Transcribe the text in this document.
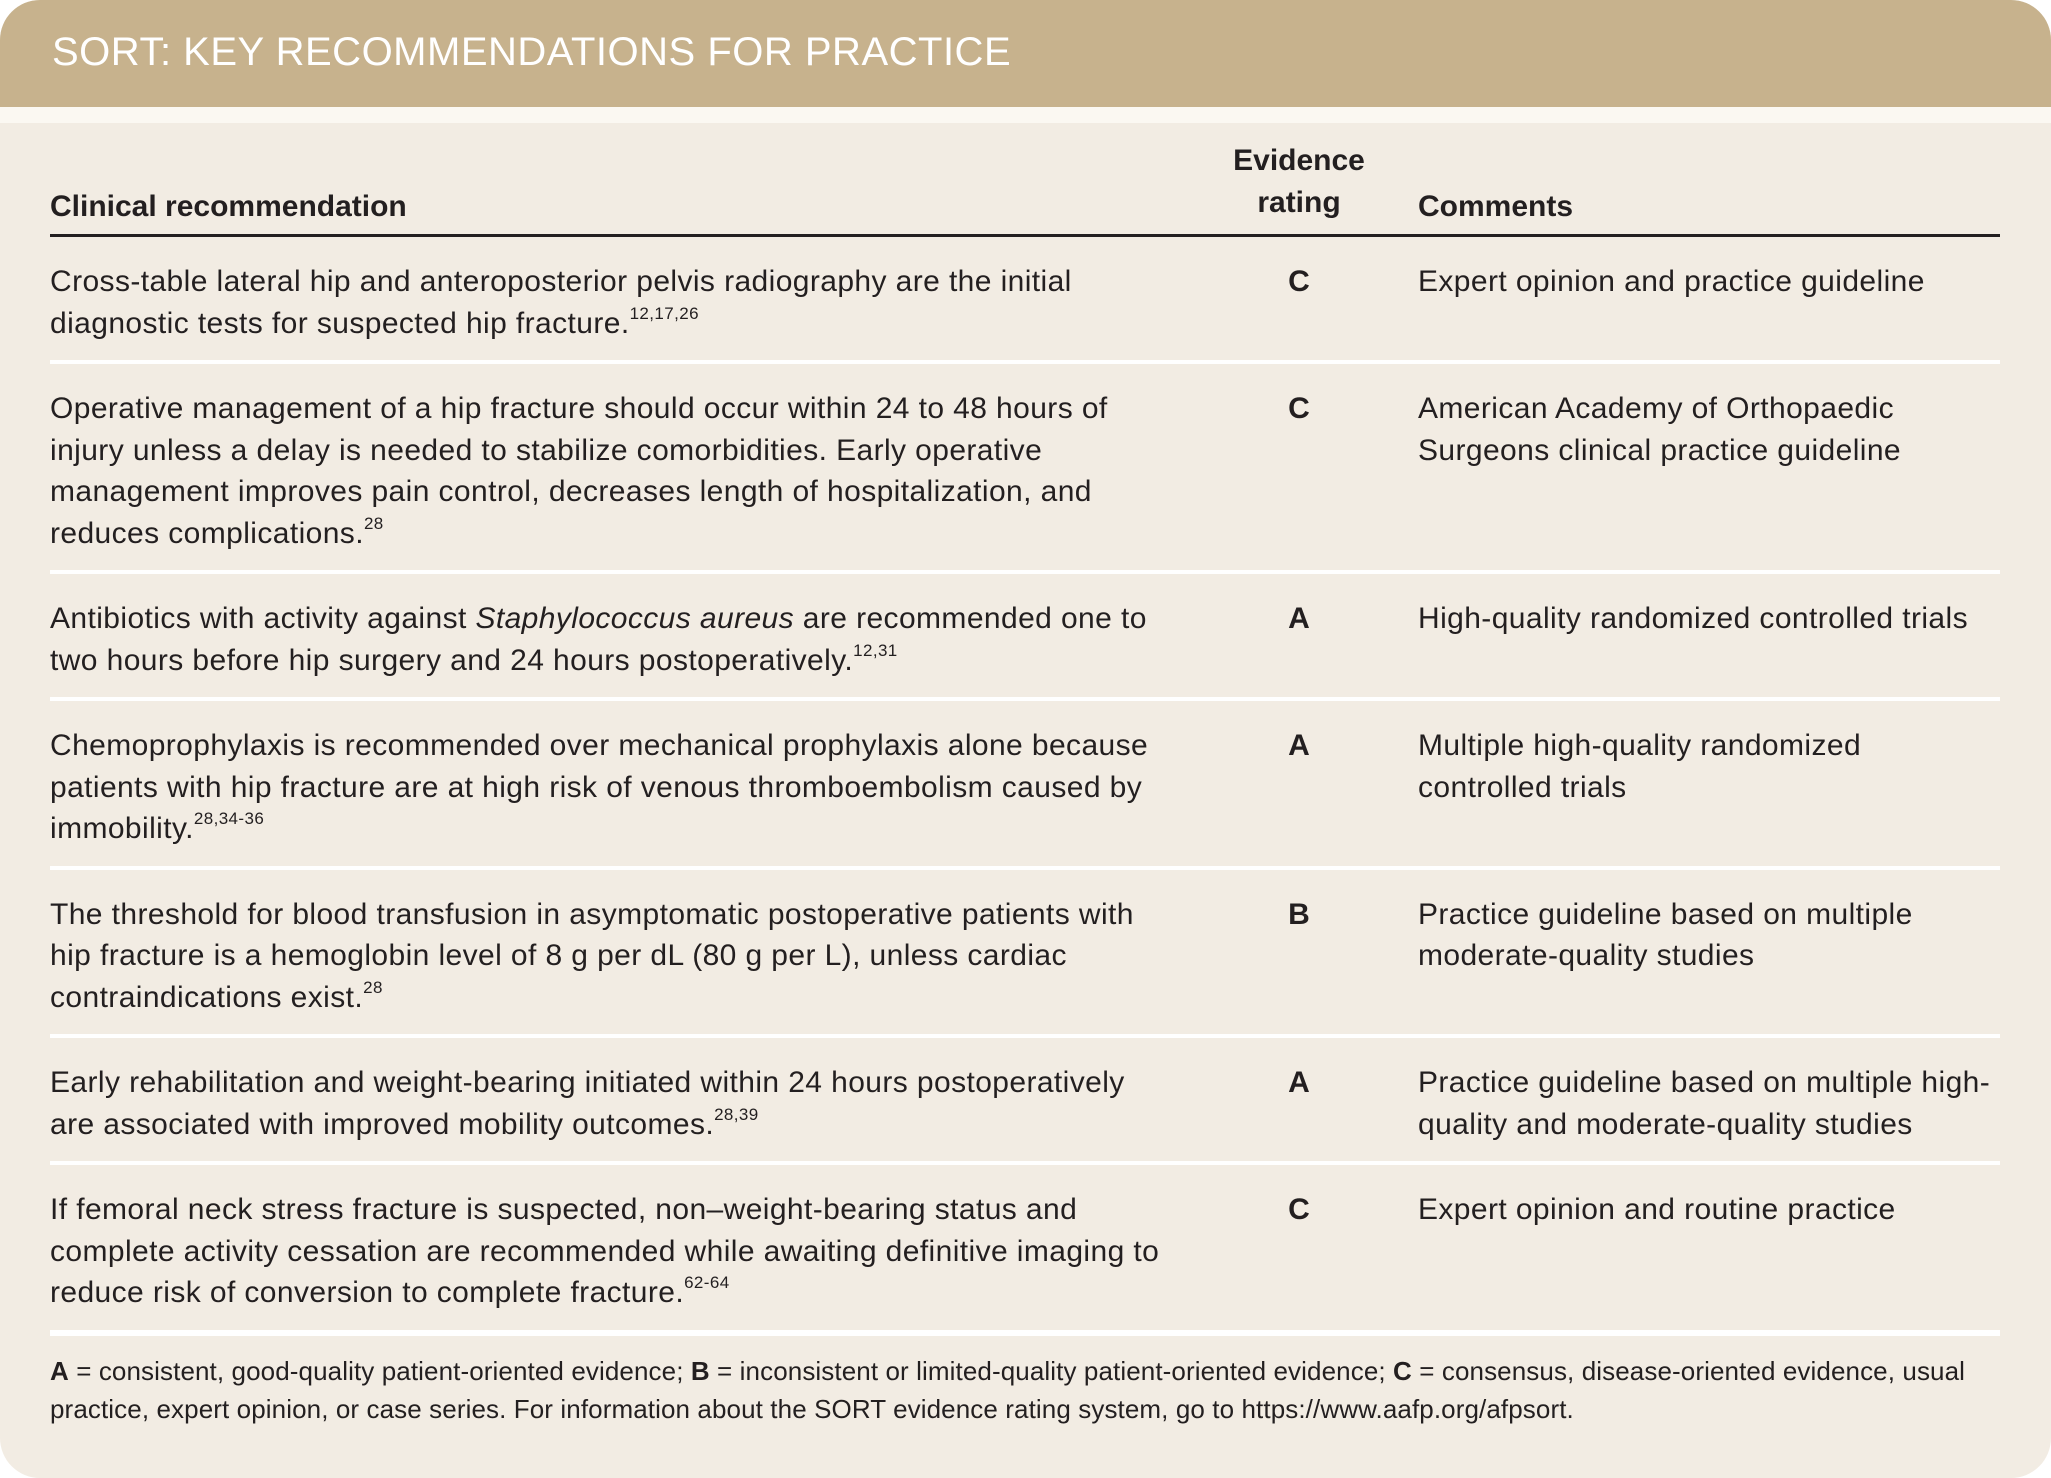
SORT: KEY RECOMMENDATIONS FOR PRACTICE
Clinical recommendation
Evidence
rating	Comments
Cross-table lateral hip and anteroposterior pelvis radiography are the initial diagnostic tests for suspected hip fracture.$^{12,17,26}$
C	Expert opinion and practice guideline
Operative management of a hip fracture should occur within 24 to 48 hours of injury unless a delay is needed to stabilize comorbidities. Early operative management improves pain control, decreases length of hospitalization, and reduces complications.$^{28}$
C	American Academy of Orthopaedic Surgeons clinical practice guideline
Antibiotics with activity against Staphylococcus aureus are recommended one to two hours before hip surgery and 24 hours postoperatively.$^{12,31}$
A	High-quality randomized controlled trials
Chemoprophylaxis is recommended over mechanical prophylaxis alone because patients with hip fracture are at high risk of venous thromboembolism caused by immobility.$^{28,34-36}$
A	Multiple high-quality randomized controlled trials
The threshold for blood transfusion in asymptomatic postoperative patients with hip fracture is a hemoglobin level of 8 g per dL (80 g per L), unless cardiac contraindications exist.$^{28}$
B	Practice guideline based on multiple moderate-quality studies
Early rehabilitation and weight-bearing initiated within 24 hours postoperatively are associated with improved mobility outcomes.$^{28,39}$
A	Practice guideline based on multiple high-quality and moderate-quality studies
If femoral neck stress fracture is suspected, non–weight-bearing status and complete activity cessation are recommended while awaiting definitive imaging to reduce risk of conversion to complete fracture.$^{62-64}$
C	Expert opinion and routine practice
A = consistent, good-quality patient-oriented evidence; B = inconsistent or limited-quality patient-oriented evidence; C = consensus, disease-oriented evidence, usual practice, expert opinion, or case series. For information about the SORT evidence rating system, go to https://www.aafp.org/afpsort.
